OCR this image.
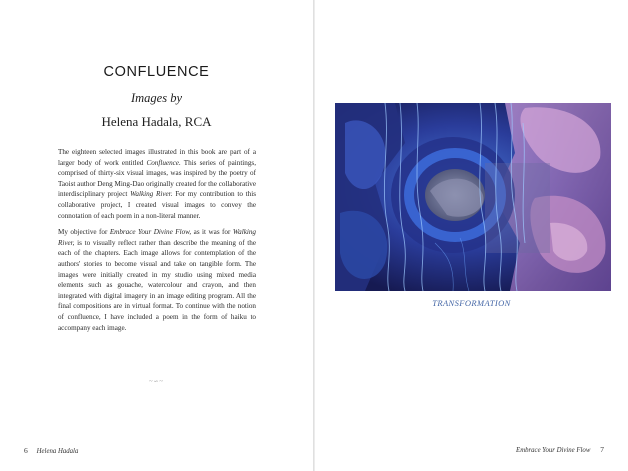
CONFLUENCE
Images by
Helena Hadala, RCA

The eighteen selected images illustrated in this book are part of a larger body of work entitled Confluence. This series of paintings, comprised of thirty-six visual images, was inspired by the poetry of Taoist author Deng Ming-Dao originally created for the collaborative interdisciplinary project Walking River. For my contribution to this collaborative project, I created visual images to convey the connotation of each poem in a non-literal manner.

My objective for Embrace Your Divine Flow, as it was for Walking River, is to visually reflect rather than describe the meaning of the each of the chapters. Each image allows for contemplation of the authors' stories to become visual and take on tangible form. The images were initially created in my studio using mixed media elements such as gouache, watercolour and crayon, and then integrated with digital imagery in an image editing program. All the final compositions are in virtual format. To continue with the notion of confluence, I have included a poem in the form of haiku to accompany each image.

~∽~
6 Helena Hadala
TRANSFORMATION
Embrace Your Divine Flow 7
